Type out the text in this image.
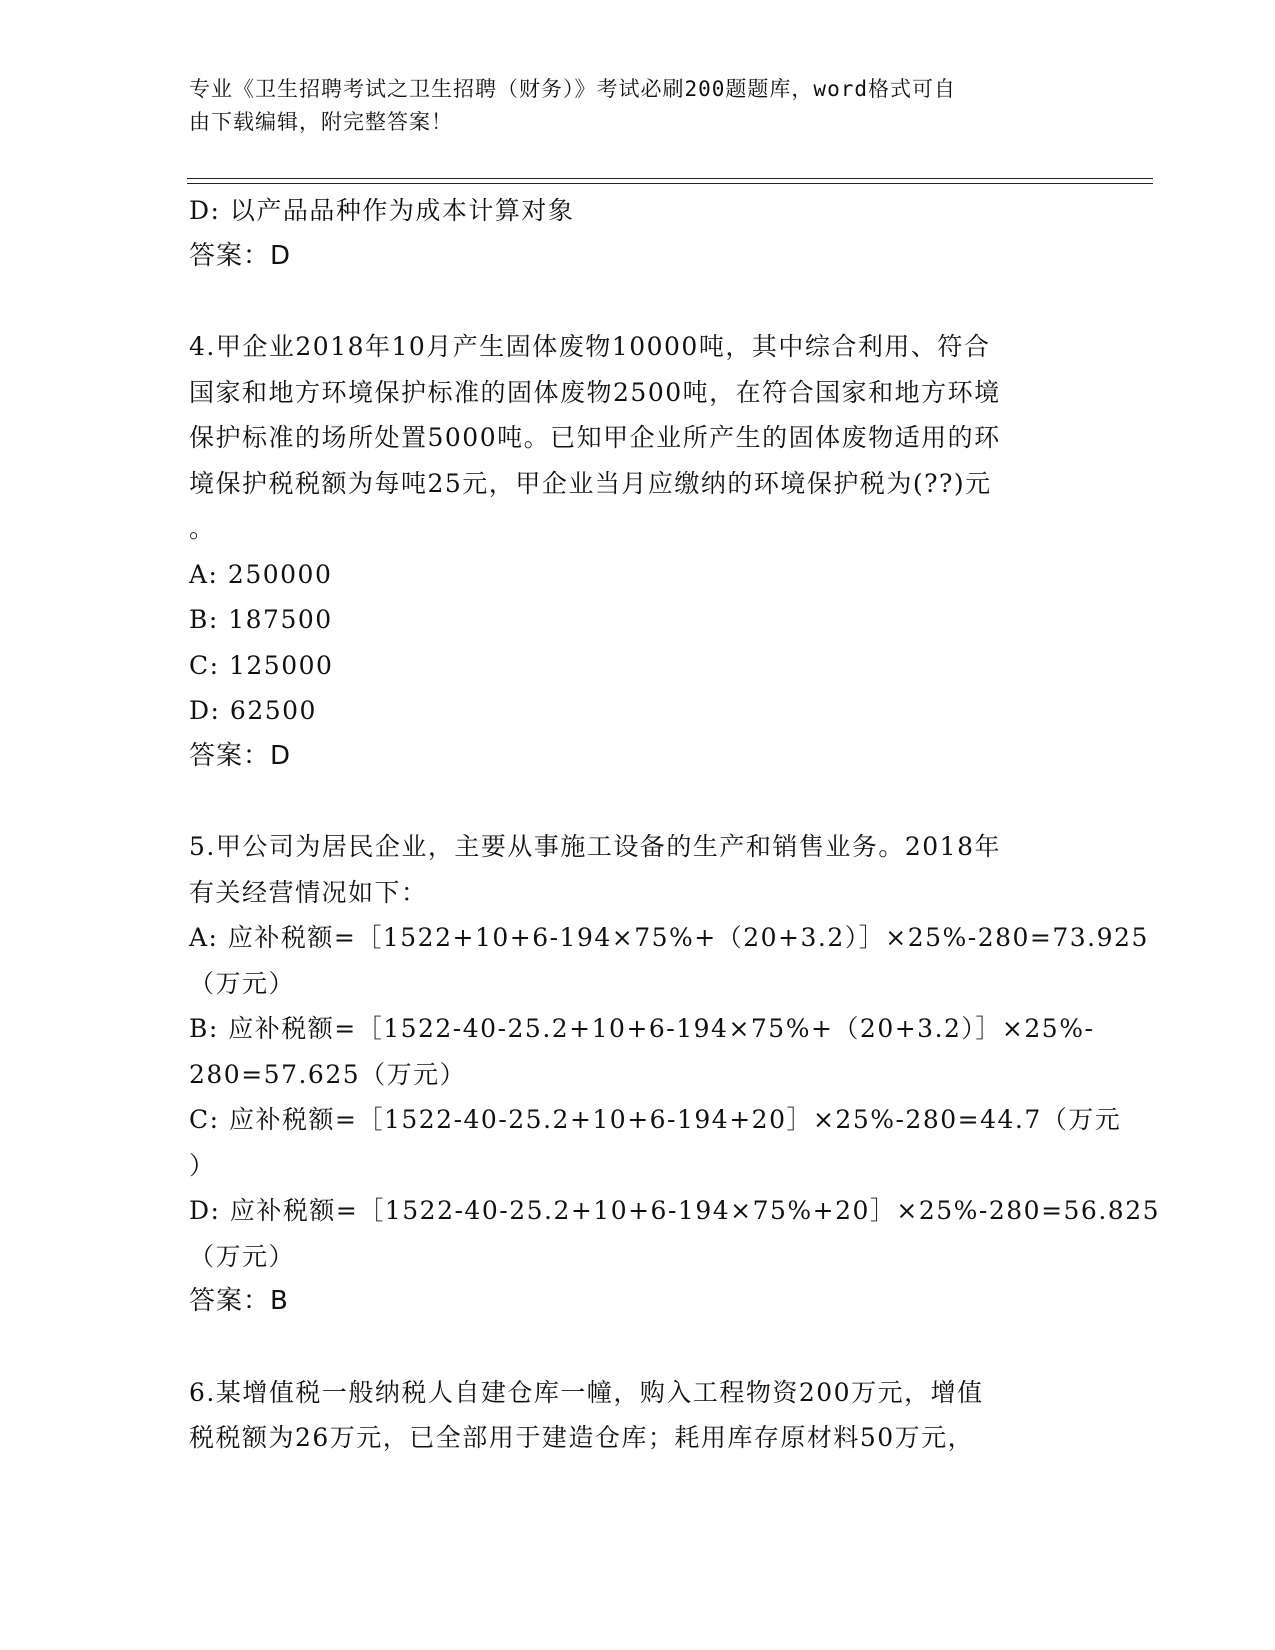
专业《卫生招聘考试之卫生招聘（财务）》考试必刷200题题库，word格式可自
由下载编辑，附完整答案！
D: 以产品品种作为成本计算对象
答案：D
4.甲企业2018年10月产生固体废物10000吨，其中综合利用、符合
国家和地方环境保护标准的固体废物2500吨，在符合国家和地方环境
保护标准的场所处置5000吨。已知甲企业所产生的固体废物适用的环
境保护税税额为每吨25元，甲企业当月应缴纳的环境保护税为(??)元
。
A: 250000
B: 187500
C: 125000
D: 62500
答案：D
5.甲公司为居民企业，主要从事施工设备的生产和销售业务。2018年
有关经营情况如下：
A: 应补税额=［1522+10+6-194×75%+（20+3.2）］×25%-280=73.925
（万元）
B: 应补税额=［1522-40-25.2+10+6-194×75%+（20+3.2）］×25%-
280=57.625（万元）
C: 应补税额=［1522-40-25.2+10+6-194+20］×25%-280=44.7（万元
）
D: 应补税额=［1522-40-25.2+10+6-194×75%+20］×25%-280=56.825
（万元）
答案：B
6.某增值税一般纳税人自建仓库一幢，购入工程物资200万元，增值
税税额为26万元，已全部用于建造仓库；耗用库存原材料50万元，
